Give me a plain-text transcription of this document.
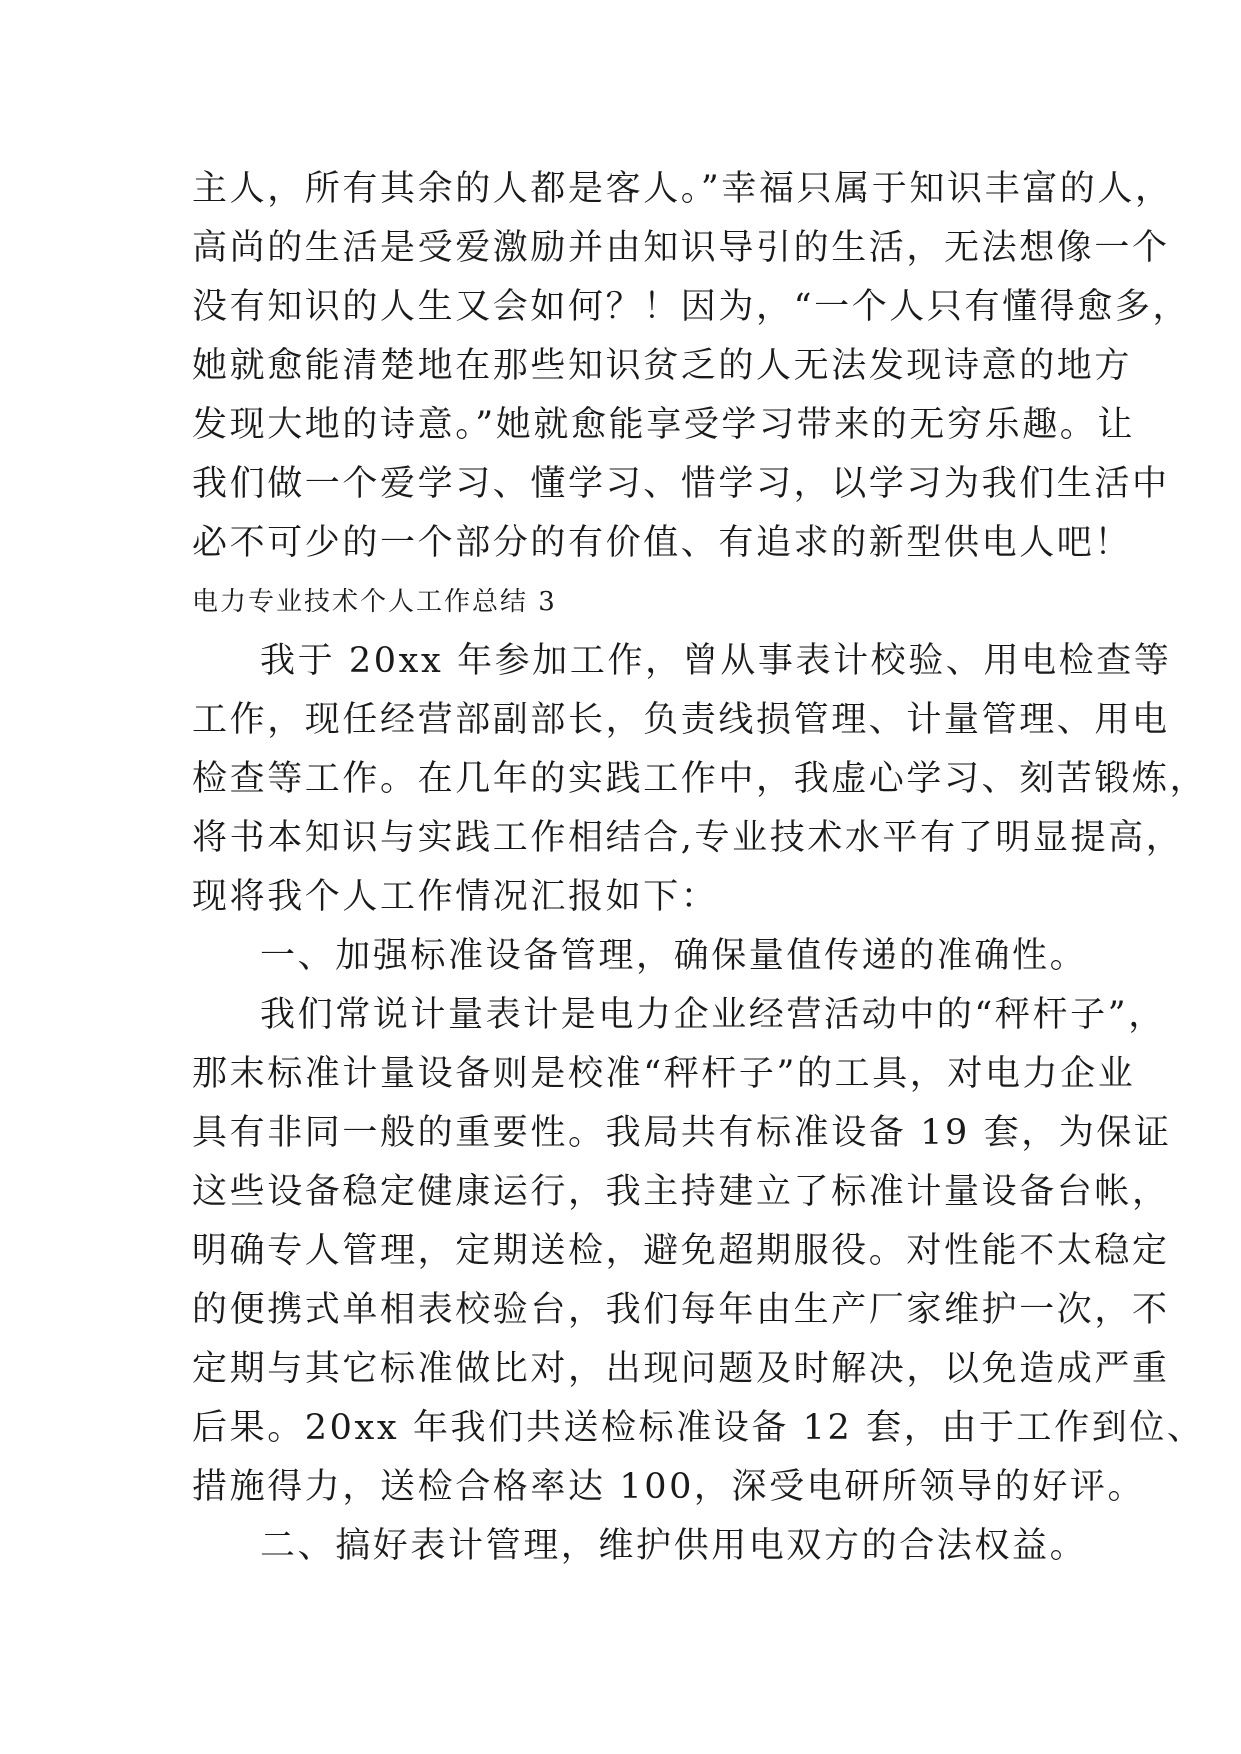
主人，所有其余的人都是客人。”幸福只属于知识丰富的人，
高尚的生活是受爱激励并由知识导引的生活，无法想像一个
没有知识的人生又会如何？！因为，“一个人只有懂得愈多，
她就愈能清楚地在那些知识贫乏的人无法发现诗意的地方
发现大地的诗意。”她就愈能享受学习带来的无穷乐趣。让
我们做一个爱学习、懂学习、惜学习，以学习为我们生活中
必不可少的一个部分的有价值、有追求的新型供电人吧！
电力专业技术个人工作总结 3
我于 20xx 年参加工作，曾从事表计校验、用电检查等
工作，现任经营部副部长，负责线损管理、计量管理、用电
检查等工作。在几年的实践工作中，我虚心学习、刻苦锻炼，
将书本知识与实践工作相结合,专业技术水平有了明显提高，
现将我个人工作情况汇报如下：
一、加强标准设备管理，确保量值传递的准确性。
我们常说计量表计是电力企业经营活动中的“秤杆子”，
那末标准计量设备则是校准“秤杆子”的工具，对电力企业
具有非同一般的重要性。我局共有标准设备 19 套，为保证
这些设备稳定健康运行，我主持建立了标准计量设备台帐，
明确专人管理，定期送检，避免超期服役。对性能不太稳定
的便携式单相表校验台，我们每年由生产厂家维护一次，不
定期与其它标准做比对，出现问题及时解决，以免造成严重
后果。20xx 年我们共送检标准设备 12 套，由于工作到位、
措施得力，送检合格率达 100，深受电研所领导的好评。
二、搞好表计管理，维护供用电双方的合法权益。
